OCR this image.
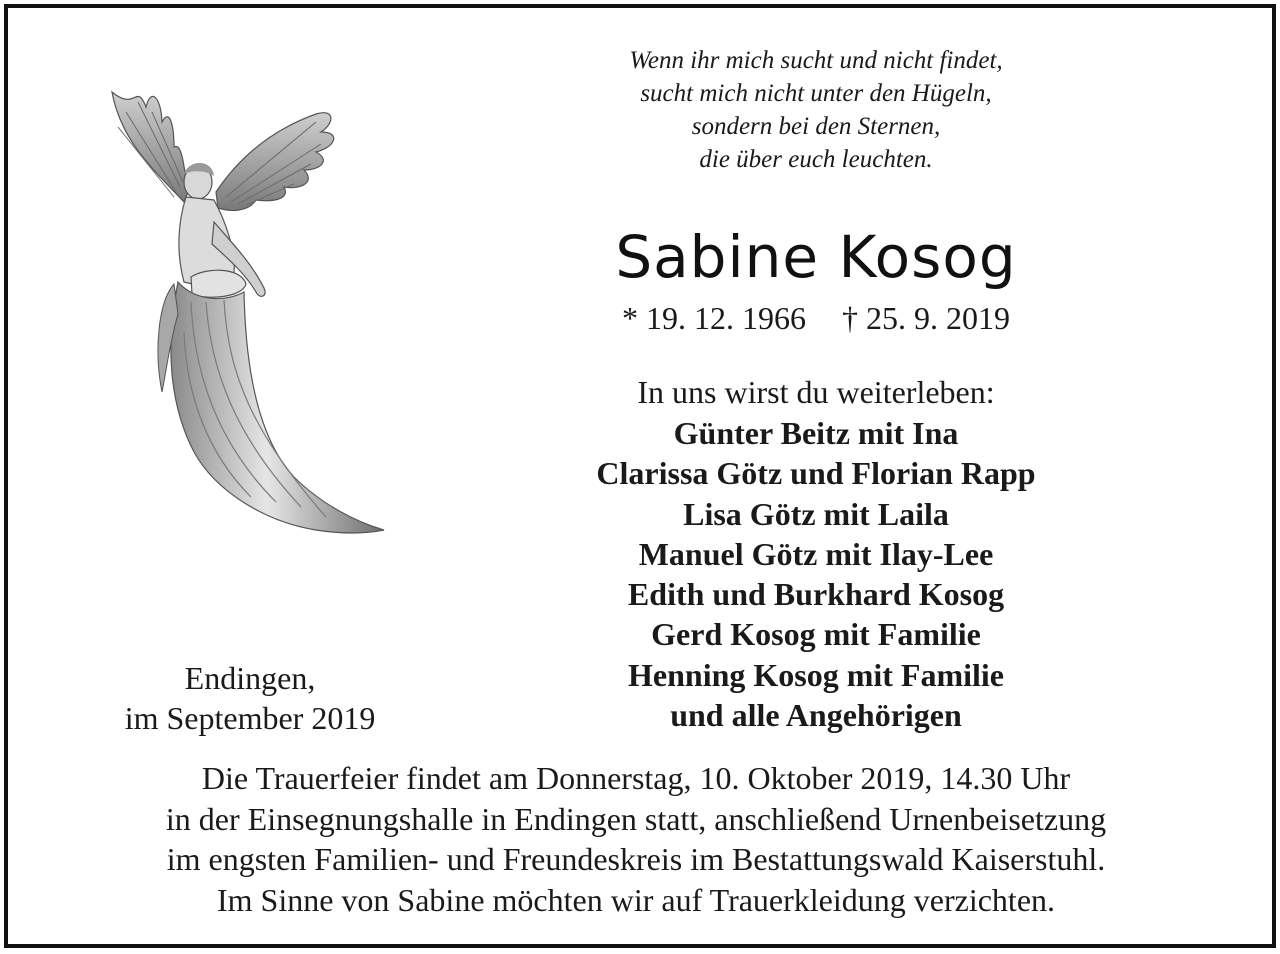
Wenn ihr mich sucht und nicht findet,
sucht mich nicht unter den Hügeln,
sondern bei den Sternen,
die über euch leuchten.
Sabine Kosog
* 19. 12. 1966 † 25. 9. 2019
In uns wirst du weiterleben:
Günter Beitz mit Ina
Clarissa Götz und Florian Rapp
Lisa Götz mit Laila
Manuel Götz mit Ilay-Lee
Edith und Burkhard Kosog
Gerd Kosog mit Familie
Henning Kosog mit Familie
und alle Angehörigen
Endingen,
im September 2019
Die Trauerfeier findet am Donnerstag, 10. Oktober 2019, 14.30 Uhr
in der Einsegnungshalle in Endingen statt, anschließend Urnenbeisetzung
im engsten Familien- und Freundeskreis im Bestattungswald Kaiserstuhl.
Im Sinne von Sabine möchten wir auf Trauerkleidung verzichten.
